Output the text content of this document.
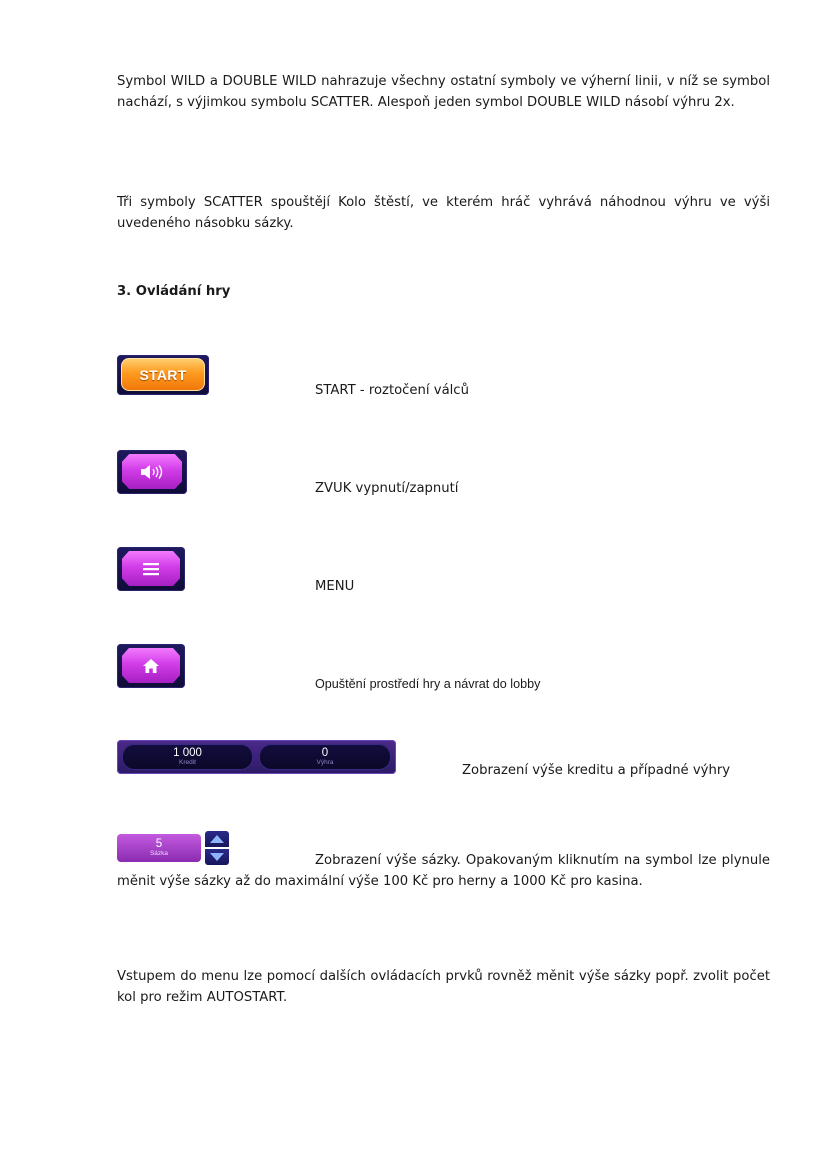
Symbol WILD a DOUBLE WILD nahrazuje všechny ostatní symboly ve výherní linii, v níž se symbol nachází, s výjimkou symbolu SCATTER. Alespoň jeden symbol DOUBLE WILD násobí výhru 2x.

Tři symboly SCATTER spouštějí Kolo štěstí, ve kterém hráč vyhrává náhodnou výhru ve výši uvedeného násobku sázky.

3. Ovládání hry

START
START - roztočení válců
ZVUK vypnutí/zapnutí
MENU
Opuštění prostředí hry a návrat do lobby
1 000
Kredit
0
Výhra
Zobrazení výše kreditu a případné výhry
5
Sázka	Zobrazení výše sázky. Opakovaným kliknutím na symbol lze plynule měnit výše sázky až do maximální výše 100 Kč pro herny a 1000 Kč pro kasina.

Vstupem do menu lze pomocí dalších ovládacích prvků rovněž měnit výše sázky popř. zvolit počet kol pro režim AUTOSTART.
